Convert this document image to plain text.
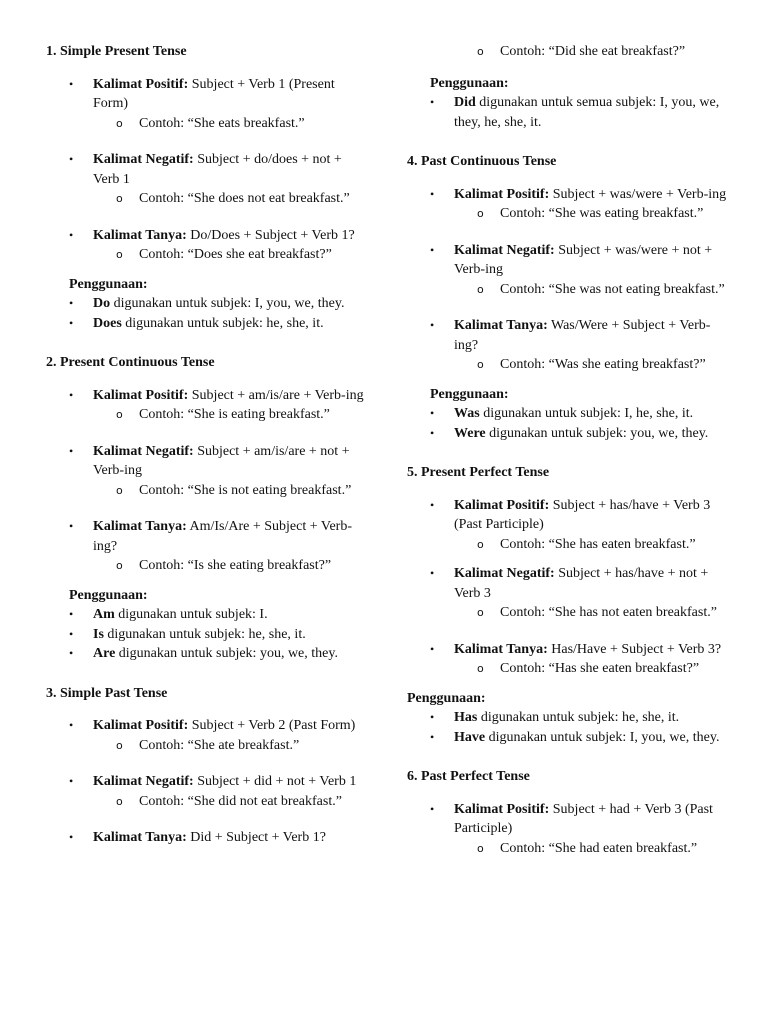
1. Simple Present Tense
•	Kalimat Positif: Subject + Verb 1 (Present Form)
o Contoh: “She eats breakfast.”
•	Kalimat Negatif: Subject + do/does + not + Verb 1
o Contoh: “She does not eat breakfast.”
•	Kalimat Tanya: Do/Does + Subject + Verb 1?
o Contoh: “Does she eat breakfast?”
Penggunaan:
• Do digunakan untuk subjek: I, you, we, they.
• Does digunakan untuk subjek: he, she, it.
2. Present Continuous Tense
•	Kalimat Positif: Subject + am/is/are + Verb-ing
o Contoh: “She is eating breakfast.”
•	Kalimat Negatif: Subject + am/is/are + not + Verb-ing
o Contoh: “She is not eating breakfast.”
•	Kalimat Tanya: Am/Is/Are + Subject + Verb-ing?
o Contoh: “Is she eating breakfast?”
Penggunaan:
• Am digunakan untuk subjek: I.
• Is digunakan untuk subjek: he, she, it.
• Are digunakan untuk subjek: you, we, they.
3. Simple Past Tense
•	Kalimat Positif: Subject + Verb 2 (Past Form)
o Contoh: “She ate breakfast.”
•	Kalimat Negatif: Subject + did + not + Verb 1
o Contoh: “She did not eat breakfast.”
•	Kalimat Tanya: Did + Subject + Verb 1?
o Contoh: “Did she eat breakfast?”
Penggunaan:
• Did digunakan untuk semua subjek: I, you, we, they, he, she, it.
4. Past Continuous Tense
•	Kalimat Positif: Subject + was/were + Verb-ing
o Contoh: “She was eating breakfast.”
•	Kalimat Negatif: Subject + was/were + not + Verb-ing
o Contoh: “She was not eating breakfast.”
•	Kalimat Tanya: Was/Were + Subject + Verb-ing?
o Contoh: “Was she eating breakfast?”
Penggunaan:
• Was digunakan untuk subjek: I, he, she, it.
• Were digunakan untuk subjek: you, we, they.
5. Present Perfect Tense
•	Kalimat Positif: Subject + has/have + Verb 3 (Past Participle)
o Contoh: “She has eaten breakfast.”
•	Kalimat Negatif: Subject + has/have + not + Verb 3
o Contoh: “She has not eaten breakfast.”
•	Kalimat Tanya: Has/Have + Subject + Verb 3?
o Contoh: “Has she eaten breakfast?”
Penggunaan:
• Has digunakan untuk subjek: he, she, it.
• Have digunakan untuk subjek: I, you, we, they.
6. Past Perfect Tense
•	Kalimat Positif: Subject + had + Verb 3 (Past Participle)
o Contoh: “She had eaten breakfast.”
